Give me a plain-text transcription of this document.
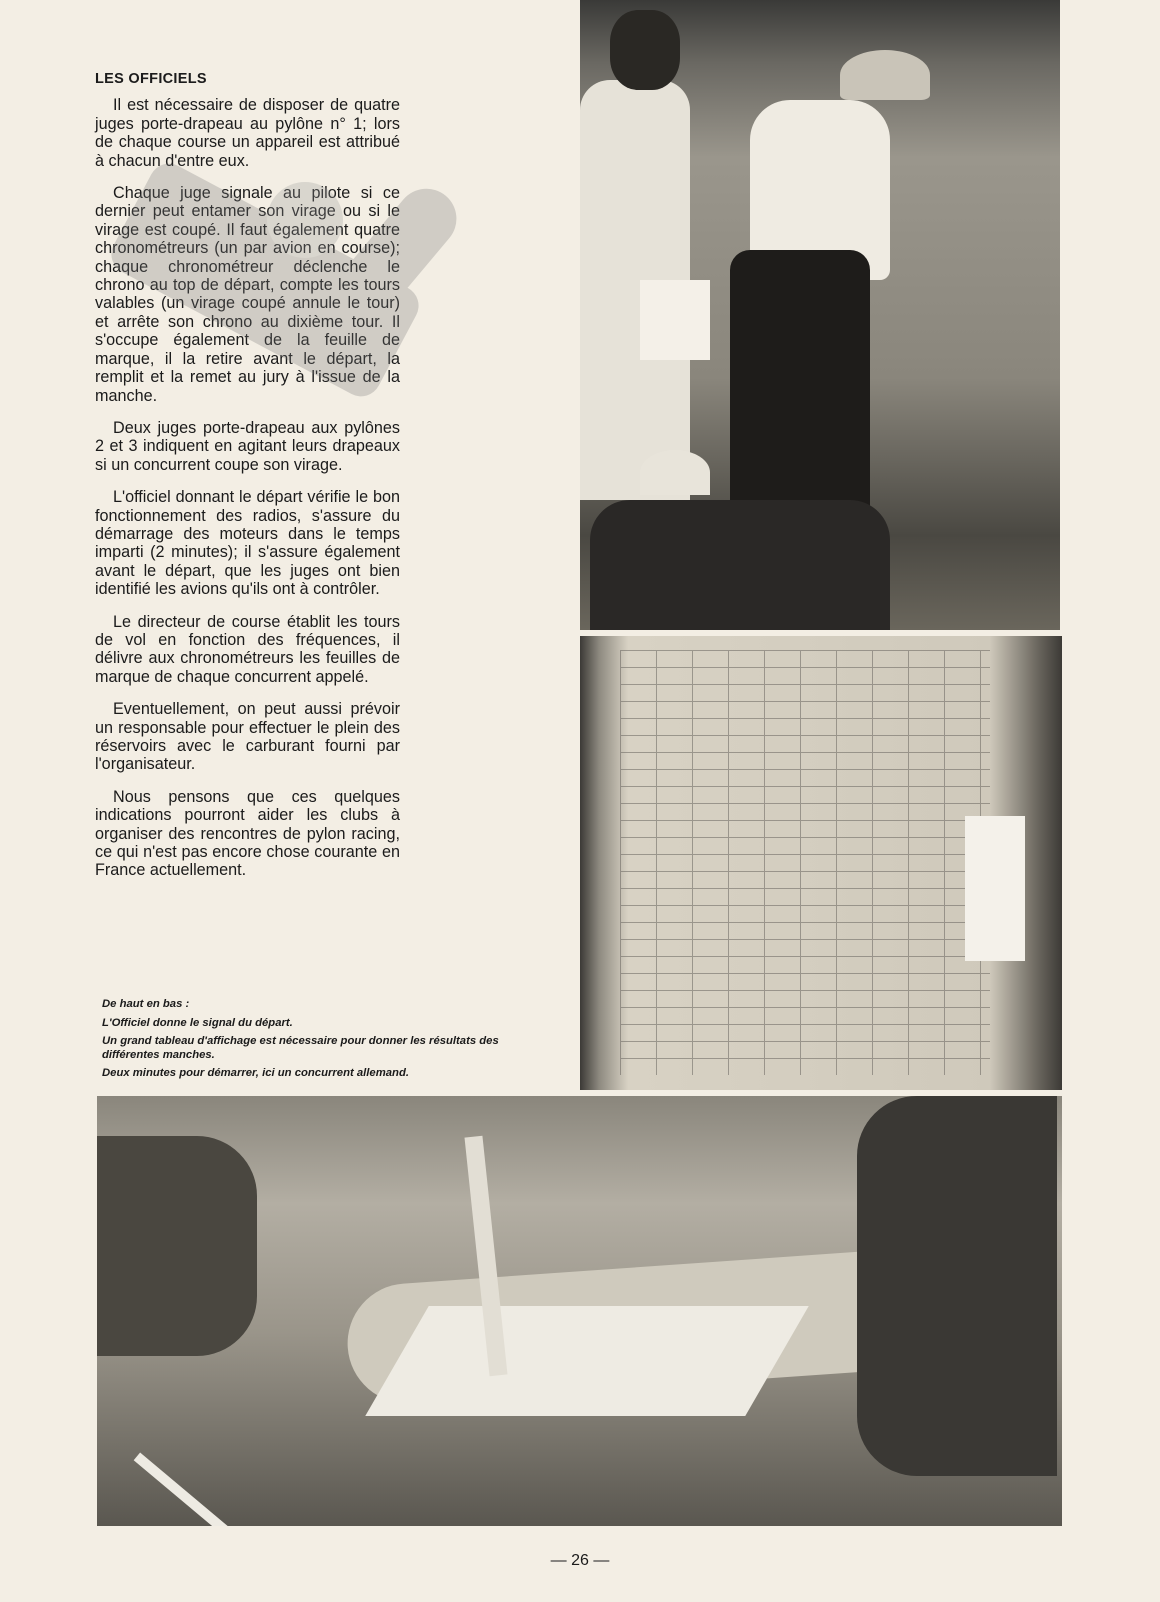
LES OFFICIELS

Il est nécessaire de disposer de quatre juges porte-drapeau au pylône n° 1; lors de chaque course un appareil est attribué à chacun d'entre eux.

Chaque juge signale au pilote si ce dernier peut entamer son virage ou si le virage est coupé. Il faut également quatre chronométreurs (un par avion en course); chaque chronométreur déclenche le chrono au top de départ, compte les tours valables (un virage coupé annule le tour) et arrête son chrono au dixième tour. Il s'occupe également de la feuille de marque, il la retire avant le départ, la remplit et la remet au jury à l'issue de la manche.

Deux juges porte-drapeau aux pylônes 2 et 3 indiquent en agitant leurs drapeaux si un concurrent coupe son virage.

L'officiel donnant le départ vérifie le bon fonctionnement des radios, s'assure du démarrage des moteurs dans le temps imparti (2 minutes); il s'assure également avant le départ, que les juges ont bien identifié les avions qu'ils ont à contrôler.

Le directeur de course établit les tours de vol en fonction des fréquences, il délivre aux chronométreurs les feuilles de marque de chaque concurrent appelé.

Eventuellement, on peut aussi prévoir un responsable pour effectuer le plein des réservoirs avec le carburant fourni par l'organisateur.

Nous pensons que ces quelques indications pourront aider les clubs à organiser des rencontres de pylon racing, ce qui n'est pas encore chose courante en France actuellement.

De haut en bas :
L'Officiel donne le signal du départ.
Un grand tableau d'affichage est nécessaire pour donner les résultats des différentes manches.
Deux minutes pour démarrer, ici un concurrent allemand.
— 26 —
